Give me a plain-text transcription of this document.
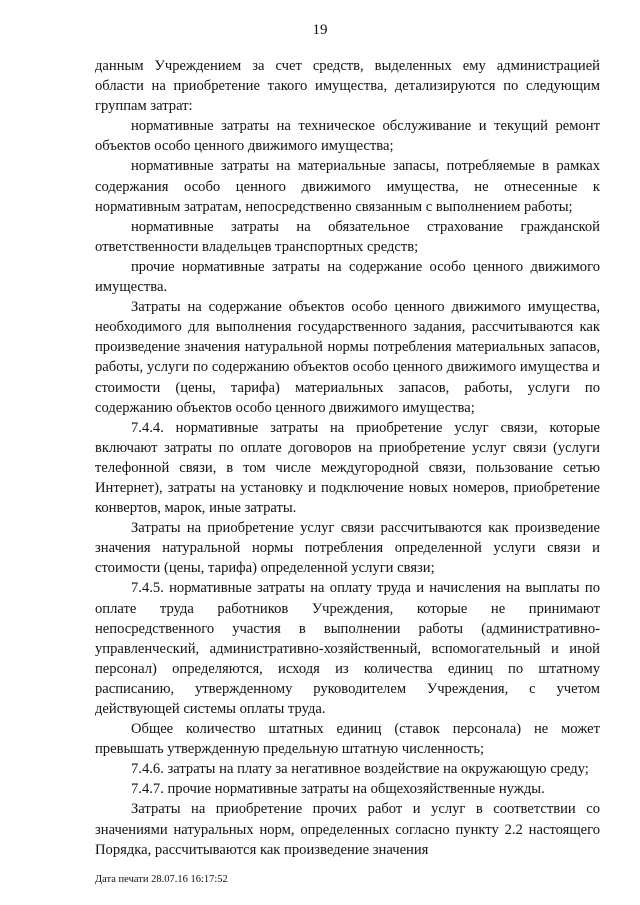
19

данным Учреждением за счет средств, выделенных ему администрацией области на приобретение такого имущества, детализируются по следующим группам затрат:

нормативные затраты на техническое обслуживание и текущий ремонт объектов особо ценного движимого имущества;

нормативные затраты на материальные запасы, потребляемые в рамках содержания особо ценного движимого имущества, не отнесенные к нормативным затратам, непосредственно связанным с выполнением работы;

нормативные затраты на обязательное страхование гражданской ответственности владельцев транспортных средств;

прочие нормативные затраты на содержание особо ценного движимого имущества.

Затраты на содержание объектов особо ценного движимого имущества, необходимого для выполнения государственного задания, рассчитываются как произведение значения натуральной нормы потребления материальных запасов, работы, услуги по содержанию объектов особо ценного движимого имущества и стоимости (цены, тарифа) материальных запасов, работы, услуги по содержанию объектов особо ценного движимого имущества;

7.4.4. нормативные затраты на приобретение услуг связи, которые включают затраты по оплате договоров на приобретение услуг связи (услуги телефонной связи, в том числе междугородной связи, пользование сетью Интернет), затраты на установку и подключение новых номеров, приобретение конвертов, марок, иные затраты.

Затраты на приобретение услуг связи рассчитываются как произведение значения натуральной нормы потребления определенной услуги связи и стоимости (цены, тарифа) определенной услуги связи;

7.4.5. нормативные затраты на оплату труда и начисления на выплаты по оплате труда работников Учреждения, которые не принимают непосредственного участия в выполнении работы (административно-управленческий, административно-хозяйственный, вспомогательный и иной персонал) определяются, исходя из количества единиц по штатному расписанию, утвержденному руководителем Учреждения, с учетом действующей системы оплаты труда.

Общее количество штатных единиц (ставок персонала) не может превышать утвержденную предельную штатную численность;

7.4.6. затраты на плату за негативное воздействие на окружающую среду;

7.4.7. прочие нормативные затраты на общехозяйственные нужды.

Затраты на приобретение прочих работ и услуг в соответствии со значениями натуральных норм, определенных согласно пункту 2.2 настоящего Порядка, рассчитываются как произведение значения

Дата печати 28.07.16 16:17:52
